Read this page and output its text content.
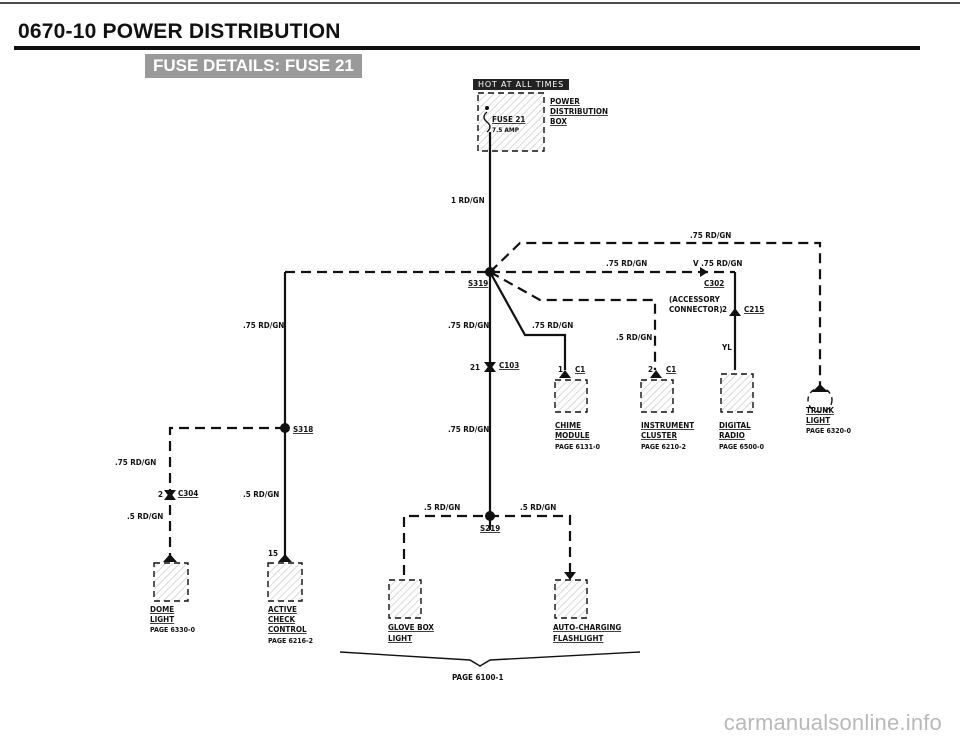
0670-10 POWER DISTRIBUTION
FUSE DETAILS: FUSE 21
HOT AT ALL TIMES
FUSE 21
7.5 AMP
POWER
DISTRIBUTION
BOX
1 RD/GN
S319
.75 RD/GN
TRUNK
LIGHT
PAGE 6320-0
.75 RD/GN	V .75 RD/GN
C302
(ACCESSORY
CONNECTOR) 2 C215
YL
.5 RD/GN
.75 RD/GN
.75 RD/GN	.75 RD/GN
21 C103
.75 RD/GN
1 C1
CHIME
MODULE
PAGE 6131-0
2 C1
INSTRUMENT
CLUSTER
PAGE 6210-2
DIGITAL
RADIO
PAGE 6500-0
S318
.75 RD/GN
2 C304
.5 RD/GN
.5 RD/GN
DOME
LIGHT
PAGE 6330-0
15
ACTIVE
CHECK
CONTROL
PAGE 6216-2
S219
.5 RD/GN	.5 RD/GN
GLOVE BOX
LIGHT
AUTO-CHARGING
FLASHLIGHT
PAGE 6100-1
carmanualsonline.info
